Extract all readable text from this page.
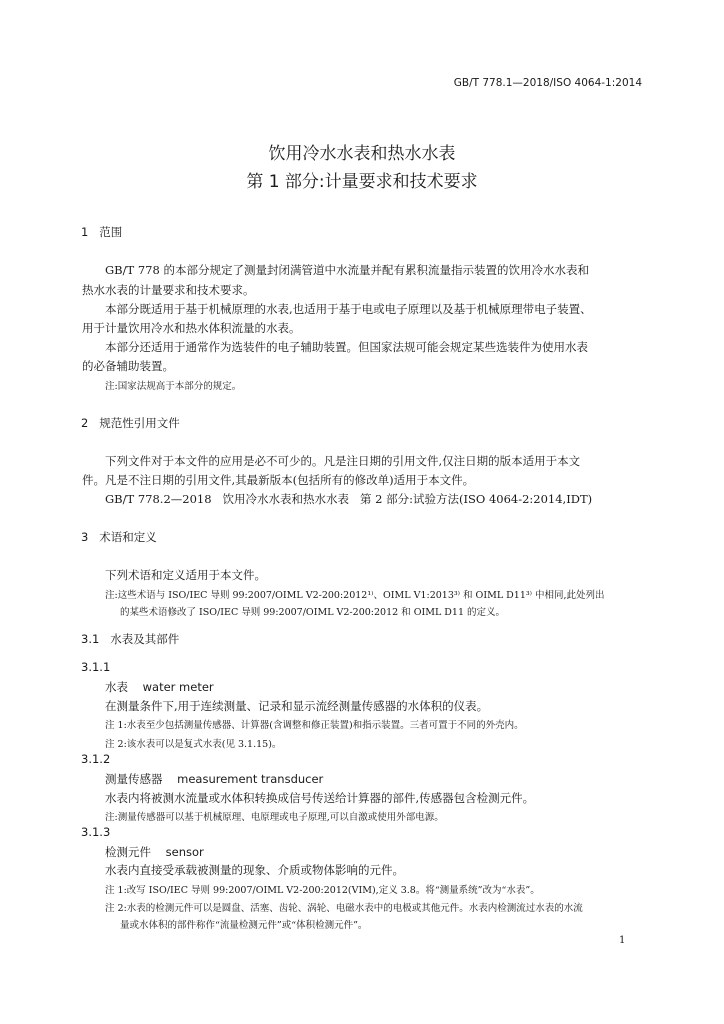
GB/T 778.1—2018/ISO 4064-1:2014
饮用冷水水表和热水水表
第 1 部分:计量要求和技术要求
1   范围
GB/T 778 的本部分规定了测量封闭满管道中水流量并配有累积流量指示装置的饮用冷水水表和
热水水表的计量要求和技术要求。
本部分既适用于基于机械原理的水表,也适用于基于电或电子原理以及基于机械原理带电子装置、
用于计量饮用冷水和热水体积流量的水表。
本部分还适用于通常作为选装件的电子辅助装置。但国家法规可能会规定某些选装件为使用水表
的必备辅助装置。
注:国家法规高于本部分的规定。
2   规范性引用文件
下列文件对于本文件的应用是必不可少的。凡是注日期的引用文件,仅注日期的版本适用于本文
件。凡是不注日期的引用文件,其最新版本(包括所有的修改单)适用于本文件。
GB/T 778.2—2018   饮用冷水水表和热水水表   第 2 部分:试验方法(ISO 4064-2:2014,IDT)
3   术语和定义
下列术语和定义适用于本文件。
注:这些术语与 ISO/IEC 导则 99:2007/OIML V2-200:2012¹⁾、OIML V1:2013³⁾ 和 OIML D11³⁾ 中相同,此处列出
的某些术语修改了 ISO/IEC 导则 99:2007/OIML V2-200:2012 和 OIML D11 的定义。
3.1   水表及其部件
3.1.1
水表    water meter
在测量条件下,用于连续测量、记录和显示流经测量传感器的水体积的仪表。
注 1:水表至少包括测量传感器、计算器(含调整和修正装置)和指示装置。三者可置于不同的外壳内。
注 2:该水表可以是复式水表(见 3.1.15)。
3.1.2
测量传感器    measurement transducer
水表内将被测水流量或水体积转换成信号传送给计算器的部件,传感器包含检测元件。
注:测量传感器可以基于机械原理、电原理或电子原理,可以自激或使用外部电源。
3.1.3
检测元件    sensor
水表内直接受承载被测量的现象、介质或物体影响的元件。
注 1:改写 ISO/IEC 导则 99:2007/OIML V2-200:2012(VIM),定义 3.8。将“测量系统”改为“水表”。
注 2:水表的检测元件可以是圆盘、活塞、齿轮、涡轮、电磁水表中的电极或其他元件。水表内检测流过水表的水流
量或水体积的部件称作“流量检测元件”或“体积检测元件”。
1
